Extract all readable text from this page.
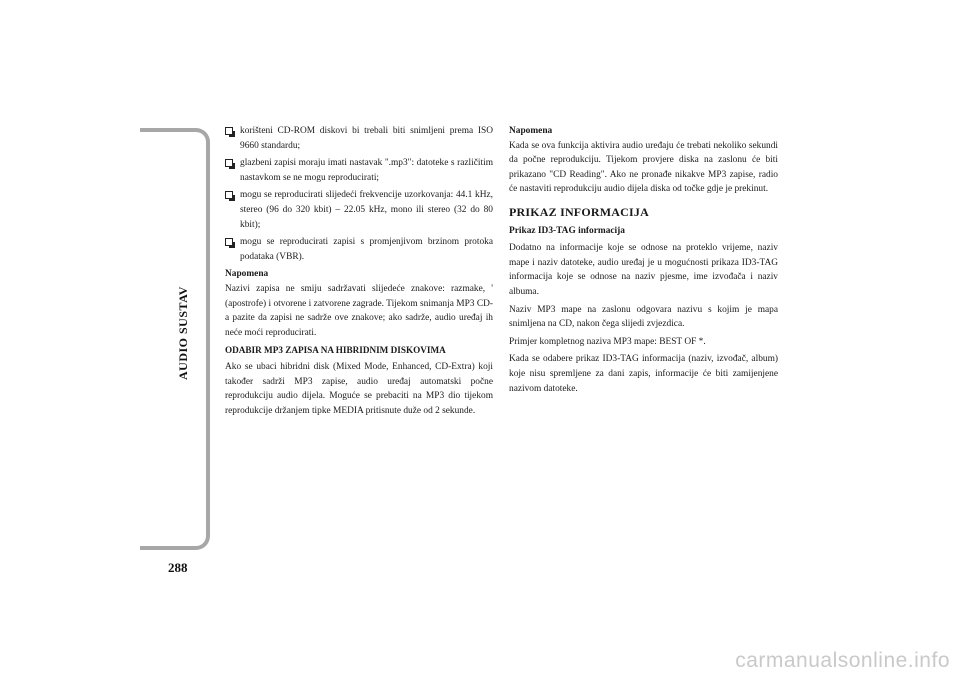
AUDIO SUSTAV
288
korišteni CD-ROM diskovi bi trebali biti snimljeni prema ISO 9660 standardu;
glazbeni zapisi moraju imati nastavak ".mp3": datoteke s različitim nastavkom se ne mogu reproducirati;
mogu se reproducirati slijedeći frekvencije uzorkovanja: 44.1 kHz, stereo (96 do 320 kbit) – 22.05 kHz, mono ili stereo (32 do 80 kbit);
mogu se reproducirati zapisi s promjenjivom brzinom protoka podataka (VBR).
Napomena

Nazivi zapisa ne smiju sadržavati slijedeće znakove: razmake, ' (apostrofe) i otvorene i zatvorene zagrade. Tijekom snimanja MP3 CD-a pazite da zapisi ne sadrže ove znakove; ako sadrže, audio uređaj ih neće moći reproducirati.

ODABIR MP3 ZAPISA NA HIBRIDNIM DISKOVIMA

Ako se ubaci hibridni disk (Mixed Mode, Enhanced, CD-Extra) koji također sadrži MP3 zapise, audio uređaj automatski počne reprodukciju audio dijela. Moguće se prebaciti na MP3 dio tijekom reprodukcije držanjem tipke MEDIA pritisnute duže od 2 sekunde.

Napomena

Kada se ova funkcija aktivira audio uređaju će trebati nekoliko sekundi da počne reprodukciju. Tijekom provjere diska na zaslonu će biti prikazano "CD Reading". Ako ne pronađe nikakve MP3 zapise, radio će nastaviti reprodukciju audio dijela diska od točke gdje je prekinut.

PRIKAZ INFORMACIJA
Prikaz ID3-TAG informacija

Dodatno na informacije koje se odnose na proteklo vrijeme, naziv mape i naziv datoteke, audio uređaj je u mogućnosti prikaza ID3-TAG informacija koje se odnose na naziv pjesme, ime izvođača i naziv albuma.

Naziv MP3 mape na zaslonu odgovara nazivu s kojim je mapa snimljena na CD, nakon čega slijedi zvjezdica.

Primjer kompletnog naziva MP3 mape: BEST OF *.

Kada se odabere prikaz ID3-TAG informacija (naziv, izvođač, album) koje nisu spremljene za dani zapis, informacije će biti zamijenjene nazivom datoteke.

carmanualsonline.info
